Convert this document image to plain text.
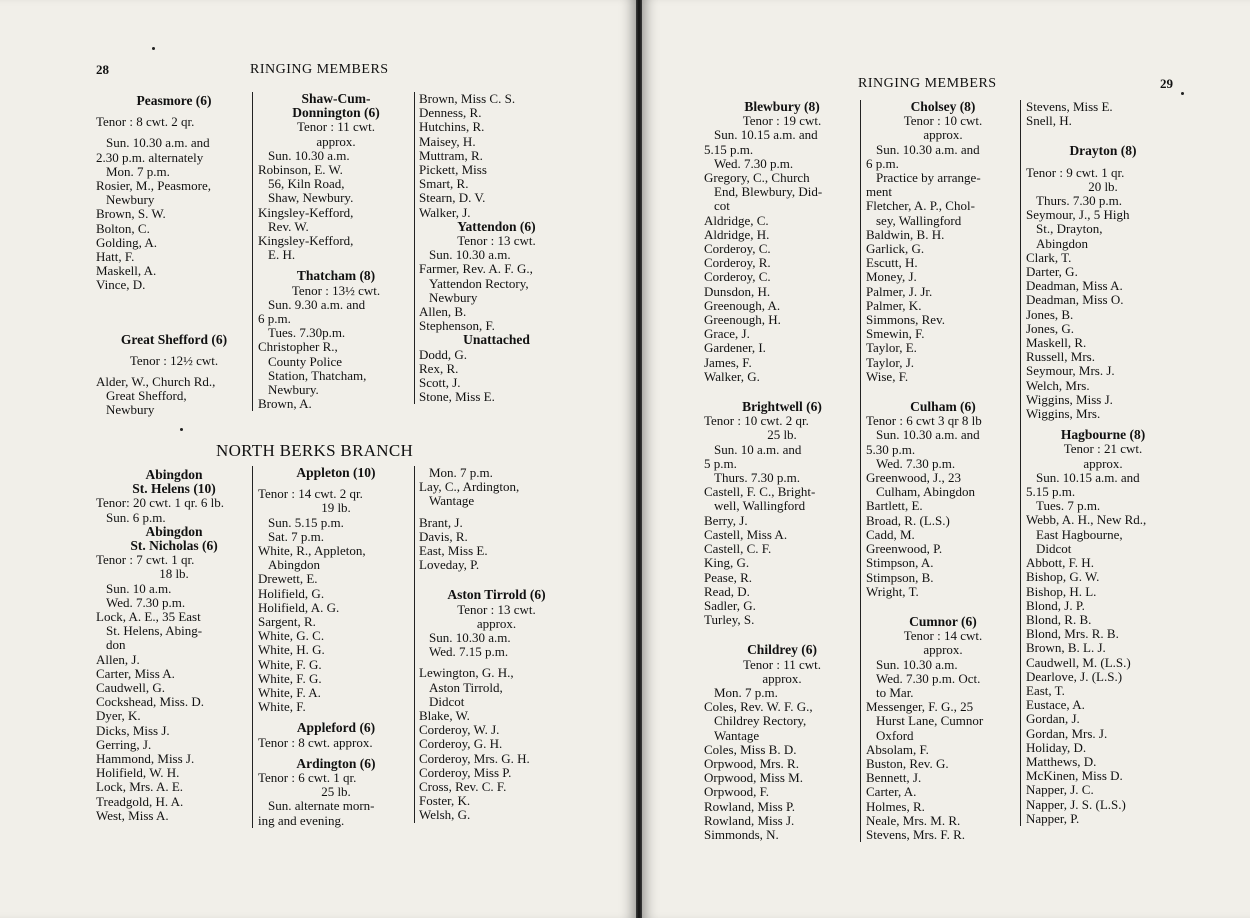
28	RINGING MEMBERS
Peasmore (6)
Tenor : 8 cwt. 2 qr.
Sun. 10.30 a.m. and
2.30 p.m. alternately
Mon. 7 p.m.
Rosier, M., Peasmore,
Newbury
Brown, S. W.
Bolton, C.
Golding, A.
Hatt, F.
Maskell, A.
Vince, D.
Great Shefford (6)
Tenor : 12½ cwt.
Alder, W., Church Rd.,
Great Shefford,
Newbury
Shaw-Cum-
Donnington (6)
Tenor : 11 cwt.
approx.
Sun. 10.30 a.m.
Robinson, E. W.
56, Kiln Road,
Shaw, Newbury.
Kingsley-Kefford,
Rev. W.
Kingsley-Kefford,
E. H.
Thatcham (8)
Tenor : 13½ cwt.
Sun. 9.30 a.m. and
6 p.m.
Tues. 7.30p.m.
Christopher R.,
County Police
Station, Thatcham,
Newbury.
Brown, A.
Brown, Miss C. S.
Denness, R.
Hutchins, R.
Maisey, H.
Muttram, R.
Pickett, Miss
Smart, R.
Stearn, D. V.
Walker, J.
Yattendon (6)
Tenor : 13 cwt.
Sun. 10.30 a.m.
Farmer, Rev. A. F. G.,
Yattendon Rectory,
Newbury
Allen, B.
Stephenson, F.
Unattached
Dodd, G.
Rex, R.
Scott, J.
Stone, Miss E.
NORTH BERKS BRANCH
Abingdon
St. Helens (10)
Tenor: 20 cwt. 1 qr. 6 lb.
Sun. 6 p.m.
Abingdon
St. Nicholas (6)
Tenor : 7 cwt. 1 qr.
18 lb.
Sun. 10 a.m.
Wed. 7.30 p.m.
Lock, A. E., 35 East
St. Helens, Abing-
don
Allen, J.
Carter, Miss A.
Caudwell, G.
Cockshead, Miss. D.
Dyer, K.
Dicks, Miss J.
Gerring, J.
Hammond, Miss J.
Holifield, W. H.
Lock, Mrs. A. E.
Treadgold, H. A.
West, Miss A.
Appleton (10)
Tenor : 14 cwt. 2 qr.
19 lb.
Sun. 5.15 p.m.
Sat. 7 p.m.
White, R., Appleton,
Abingdon
Drewett, E.
Holifield, G.
Holifield, A. G.
Sargent, R.
White, G. C.
White, H. G.
White, F. G.
White, F. G.
White, F. A.
White, F.
Appleford (6)
Tenor : 8 cwt. approx.
Ardington (6)
Tenor : 6 cwt. 1 qr.
25 lb.
Sun. alternate morn-
ing and evening.
Mon. 7 p.m.
Lay, C., Ardington,
Wantage
Brant, J.
Davis, R.
East, Miss E.
Loveday, P.
Aston Tirrold (6)
Tenor : 13 cwt.
approx.
Sun. 10.30 a.m.
Wed. 7.15 p.m.
Lewington, G. H.,
Aston Tirrold,
Didcot
Blake, W.
Corderoy, W. J.
Corderoy, G. H.
Corderoy, Mrs. G. H.
Corderoy, Miss P.
Cross, Rev. C. F.
Foster, K.
Welsh, G.
RINGING MEMBERS	29
Blewbury (8)
Tenor : 19 cwt.
Sun. 10.15 a.m. and
5.15 p.m.
Wed. 7.30 p.m.
Gregory, C., Church
End, Blewbury, Did-
cot
Aldridge, C.
Aldridge, H.
Corderoy, C.
Corderoy, R.
Corderoy, C.
Dunsdon, H.
Greenough, A.
Greenough, H.
Grace, J.
Gardener, I.
James, F.
Walker, G.
Brightwell (6)
Tenor : 10 cwt. 2 qr.
25 lb.
Sun. 10 a.m. and
5 p.m.
Thurs. 7.30 p.m.
Castell, F. C., Bright-
well, Wallingford
Berry, J.
Castell, Miss A.
Castell, C. F.
King, G.
Pease, R.
Read, D.
Sadler, G.
Turley, S.
Childrey (6)
Tenor : 11 cwt.
approx.
Mon. 7 p.m.
Coles, Rev. W. F. G.,
Childrey Rectory,
Wantage
Coles, Miss B. D.
Orpwood, Mrs. R.
Orpwood, Miss M.
Orpwood, F.
Rowland, Miss P.
Rowland, Miss J.
Simmonds, N.
Cholsey (8)
Tenor : 10 cwt.
approx.
Sun. 10.30 a.m. and
6 p.m.
Practice by arrange-
ment
Fletcher, A. P., Chol-
sey, Wallingford
Baldwin, B. H.
Garlick, G.
Escutt, H.
Money, J.
Palmer, J. Jr.
Palmer, K.
Simmons, Rev.
Smewin, F.
Taylor, E.
Taylor, J.
Wise, F.
Culham (6)
Tenor : 6 cwt 3 qr 8 lb
Sun. 10.30 a.m. and
5.30 p.m.
Wed. 7.30 p.m.
Greenwood, J., 23
Culham, Abingdon
Bartlett, E.
Broad, R. (L.S.)
Cadd, M.
Greenwood, P.
Stimpson, A.
Stimpson, B.
Wright, T.
Cumnor (6)
Tenor : 14 cwt.
approx.
Sun. 10.30 a.m.
Wed. 7.30 p.m. Oct.
to Mar.
Messenger, F. G., 25
Hurst Lane, Cumnor
Oxford
Absolam, F.
Buston, Rev. G.
Bennett, J.
Carter, A.
Holmes, R.
Neale, Mrs. M. R.
Stevens, Mrs. F. R.
Stevens, Miss E.
Snell, H.
Drayton (8)
Tenor : 9 cwt. 1 qr.
20 lb.
Thurs. 7.30 p.m.
Seymour, J., 5 High
St., Drayton,
Abingdon
Clark, T.
Darter, G.
Deadman, Miss A.
Deadman, Miss O.
Jones, B.
Jones, G.
Maskell, R.
Russell, Mrs.
Seymour, Mrs. J.
Welch, Mrs.
Wiggins, Miss J.
Wiggins, Mrs.
Hagbourne (8)
Tenor : 21 cwt.
approx.
Sun. 10.15 a.m. and
5.15 p.m.
Tues. 7 p.m.
Webb, A. H., New Rd.,
East Hagbourne,
Didcot
Abbott, F. H.
Bishop, G. W.
Bishop, H. L.
Blond, J. P.
Blond, R. B.
Blond, Mrs. R. B.
Brown, B. L. J.
Caudwell, M. (L.S.)
Dearlove, J. (L.S.)
East, T.
Eustace, A.
Gordan, J.
Gordan, Mrs. J.
Holiday, D.
Matthews, D.
McKinen, Miss D.
Napper, J. C.
Napper, J. S. (L.S.)
Napper, P.
